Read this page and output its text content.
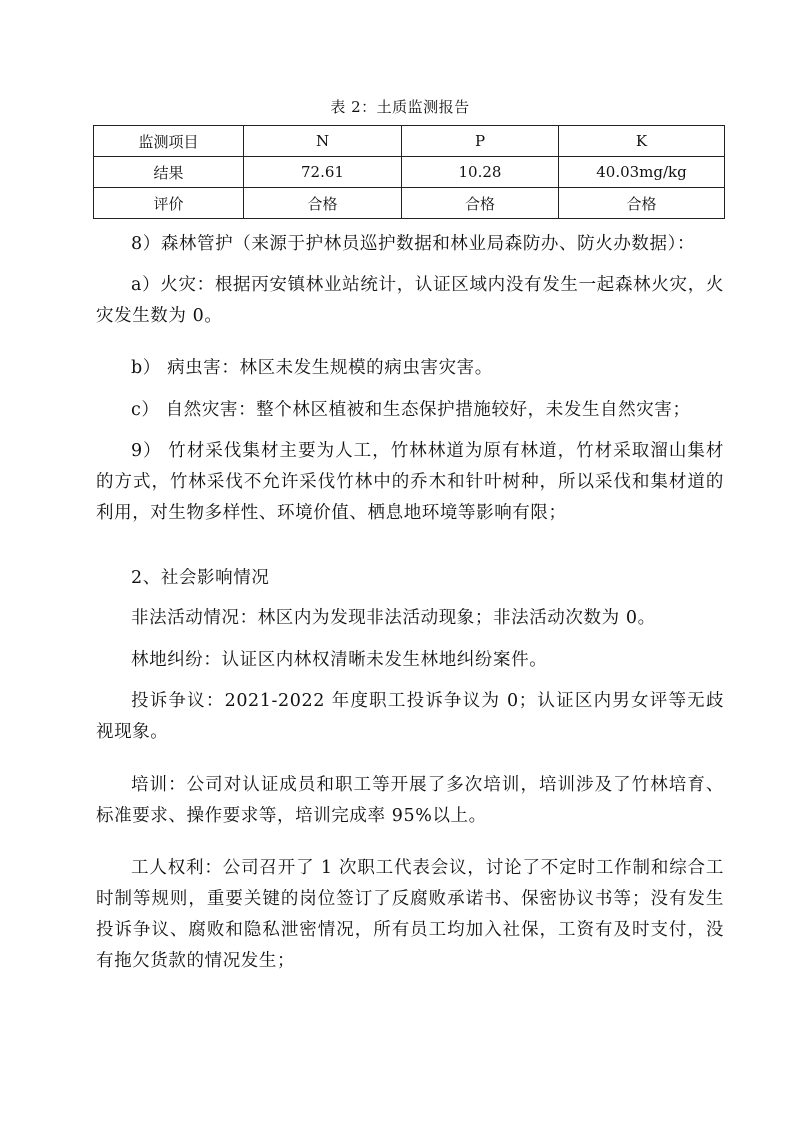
表 2：土质监测报告
监测项目	N	P	K
结果	72.61	10.28	40.03mg/kg
评价	合格	合格	合格

8）森林管护（来源于护林员巡护数据和林业局森防办、防火办数据）：

a）火灾：根据丙安镇林业站统计，认证区域内没有发生一起森林火灾，火灾发生数为 0。

b） 病虫害：林区未发生规模的病虫害灾害。

c） 自然灾害：整个林区植被和生态保护措施较好，未发生自然灾害；

9） 竹材采伐集材主要为人工，竹林林道为原有林道，竹材采取溜山集材的方式，竹林采伐不允许采伐竹林中的乔木和针叶树种，所以采伐和集材道的利用，对生物多样性、环境价值、栖息地环境等影响有限；

2、社会影响情况

非法活动情况：林区内为发现非法活动现象；非法活动次数为 0。

林地纠纷：认证区内林权清晰未发生林地纠纷案件。

投诉争议：2021-2022 年度职工投诉争议为 0；认证区内男女评等无歧视现象。

培训：公司对认证成员和职工等开展了多次培训，培训涉及了竹林培育、标准要求、操作要求等，培训完成率 95%以上。

工人权利：公司召开了 1 次职工代表会议，讨论了不定时工作制和综合工时制等规则，重要关键的岗位签订了反腐败承诺书、保密协议书等；没有发生投诉争议、腐败和隐私泄密情况，所有员工均加入社保，工资有及时支付，没有拖欠货款的情况发生；
